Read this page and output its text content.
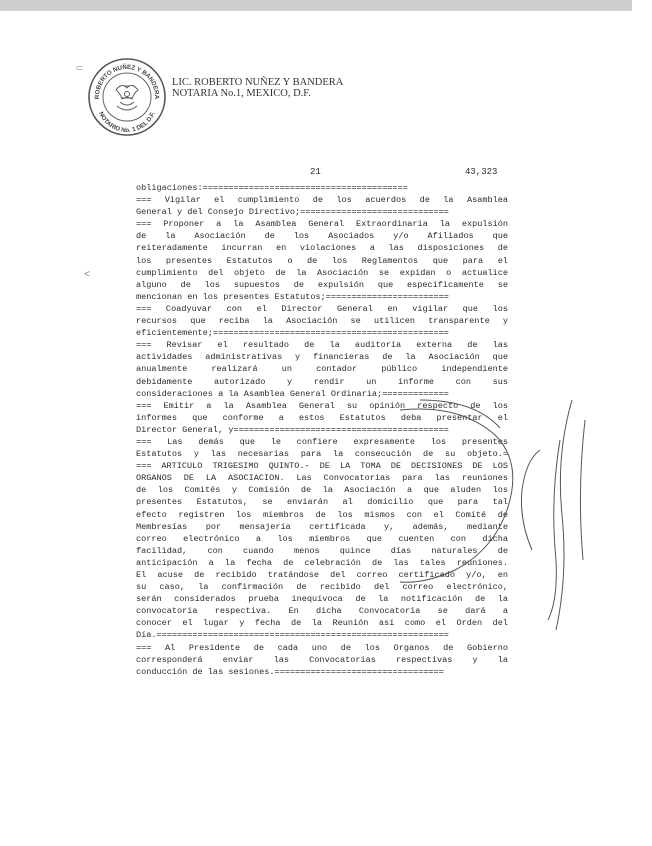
ROBERTO NUÑEZ Y BANDERA
NOTARIO No. 1 DEL D.F.
LIC. ROBERTO NUÑEZ Y BANDERA
NOTARIA No.1, MEXICO, D.F.
21	43,323
obligaciones:========================================
=== Vigilar el cumplimiento de los acuerdos de la Asamblea
General y del Consejo Directivo;=============================
=== Proponer a la Asamblea General Extraordinaria la expulsión
de la Asociación de los Asociados y/o Afiliados que
reiteradamente incurran en violaciones a las disposiciones de
los presentes Estatutos o de los Reglamentos que para el
cumplimiento del objeto de la Asociación se expidan o actualice
alguno de los supuestos de expulsión que específicamente se
mencionan en los presentes Estatutos;========================
=== Coadyuvar con el Director General en vigilar que los
recursos que reciba la Asociación se utilicen transparente y
eficientemente;==============================================
=== Revisar el resultado de la auditoría externa de las
actividades administrativas y financieras de la Asociación que
anualmente realizará un contador público independiente
debidamente autorizado y rendir un informe con sus
consideraciones a la Asamblea General Ordinaria;=============
=== Emitir a la Asamblea General su opinión respecto de los
informes que conforme a estos Estatutos deba presentar el
Director General, y==========================================
=== Las demás que le confiere expresamente los presentes
Estatutos y las necesarias para la consecución de su objeto.=
=== ARTICULO TRIGESIMO QUINTO.- DE LA TOMA DE DECISIONES DE LOS
ORGANOS DE LA ASOCIACION. Las Convocatorias para las reuniones
de los Comités y Comisión de la Asociación a que aluden los
presentes Estatutos, se enviarán al domicilio que para tal
efecto registren los miembros de los mismos con el Comité de
Membresías por mensajería certificada y, además, mediante
correo electrónico a los miembros que cuenten con dicha
facilidad, con cuando menos quince días naturales de
anticipación a la fecha de celebración de las tales reuniones.
El acuse de recibido tratándose del correo certificado y/o, en
su caso, la confirmación de recibido del correo electrónico,
serán considerados prueba inequívoca de la notificación de la
convocatoria respectiva. En dicha Convocatoria se dará a
conocer el lugar y fecha de la Reunión así como el Orden del
Día.=========================================================
=== Al Presidente de cada uno de los Organos de Gobierno
corresponderá enviar las Convocatorias respectivas y la
conducción de las sesiones.=================================
⸦
<
